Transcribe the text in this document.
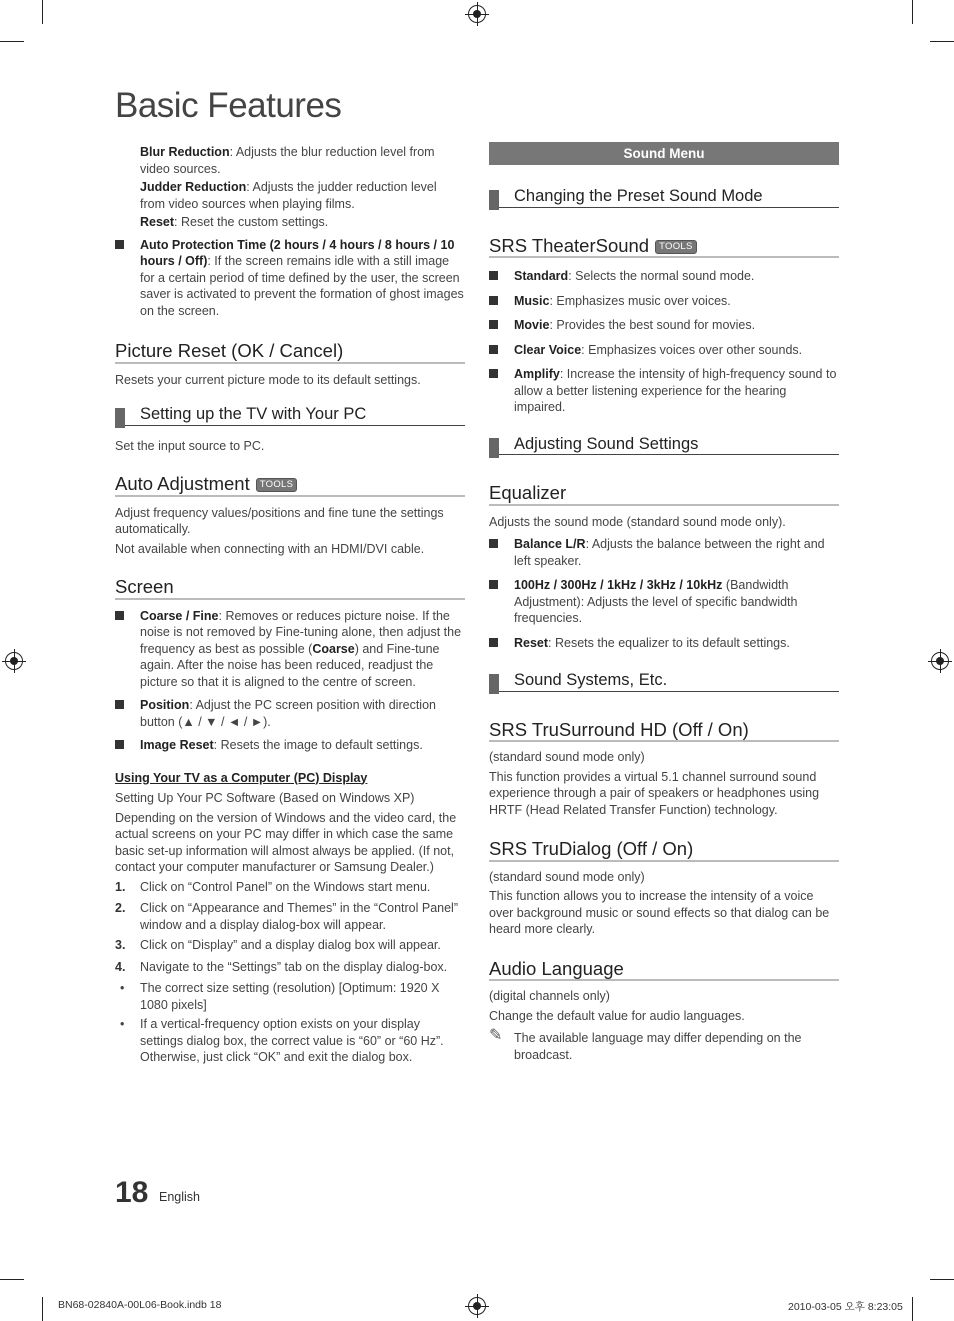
Basic Features

Blur Reduction: Adjusts the blur reduction level from video sources.

Judder Reduction: Adjusts the judder reduction level from video sources when playing films.

Reset: Reset the custom settings.

Auto Protection Time (2 hours / 4 hours / 8 hours / 10 hours / Off): If the screen remains idle with a still image for a certain period of time defined by the user, the screen saver is activated to prevent the formation of ghost images on the screen.
Picture Reset (OK / Cancel)

Resets your current picture mode to its default settings.

Setting up the TV with Your PC

Set the input source to PC.

Auto Adjustment TOOLS

Adjust frequency values/positions and fine tune the settings automatically.

Not available when connecting with an HDMI/DVI cable.

Screen
Coarse / Fine: Removes or reduces picture noise. If the noise is not removed by Fine-tuning alone, then adjust the frequency as best as possible (Coarse) and Fine-tune again. After the noise has been reduced, readjust the picture so that it is aligned to the centre of screen.
Position: Adjust the PC screen position with direction button (▲ / ▼ / ◄ / ►).
Image Reset: Resets the image to default settings.

Using Your TV as a Computer (PC) Display

Setting Up Your PC Software (Based on Windows XP)

Depending on the version of Windows and the video card, the actual screens on your PC may differ in which case the same basic set-up information will almost always be applied. (If not, contact your computer manufacturer or Samsung Dealer.)

1. Click on “Control Panel” on the Windows start menu.
2. Click on “Appearance and Themes” in the “Control Panel” window and a display dialog-box will appear.
3. Click on “Display” and a display dialog box will appear.
4. Navigate to the “Settings” tab on the display dialog-box.
• The correct size setting (resolution) [Optimum: 1920 X 1080 pixels]
• If a vertical-frequency option exists on your display settings dialog box, the correct value is “60” or “60 Hz”. Otherwise, just click “OK” and exit the dialog box.
Sound Menu
Changing the Preset Sound Mode
SRS TheaterSound TOOLS
Standard: Selects the normal sound mode.
Music: Emphasizes music over voices.
Movie: Provides the best sound for movies.
Clear Voice: Emphasizes voices over other sounds.
Amplify: Increase the intensity of high-frequency sound to allow a better listening experience for the hearing impaired.
Adjusting Sound Settings
Equalizer

Adjusts the sound mode (standard sound mode only).

Balance L/R: Adjusts the balance between the right and left speaker.
100Hz / 300Hz / 1kHz / 3kHz / 10kHz (Bandwidth Adjustment): Adjusts the level of specific bandwidth frequencies.
Reset: Resets the equalizer to its default settings.
Sound Systems, Etc.
SRS TruSurround HD (Off / On)

(standard sound mode only)

This function provides a virtual 5.1 channel surround sound experience through a pair of speakers or headphones using HRTF (Head Related Transfer Function) technology.

SRS TruDialog (Off / On)

(standard sound mode only)

This function allows you to increase the intensity of a voice over background music or sound effects so that dialog can be heard more clearly.

Audio Language

(digital channels only)

Change the default value for audio languages.

✎ The available language may differ depending on the broadcast.
18 English
BN68-02840A-00L06-Book.indb 18	2010-03-05 오후 8:23:05
